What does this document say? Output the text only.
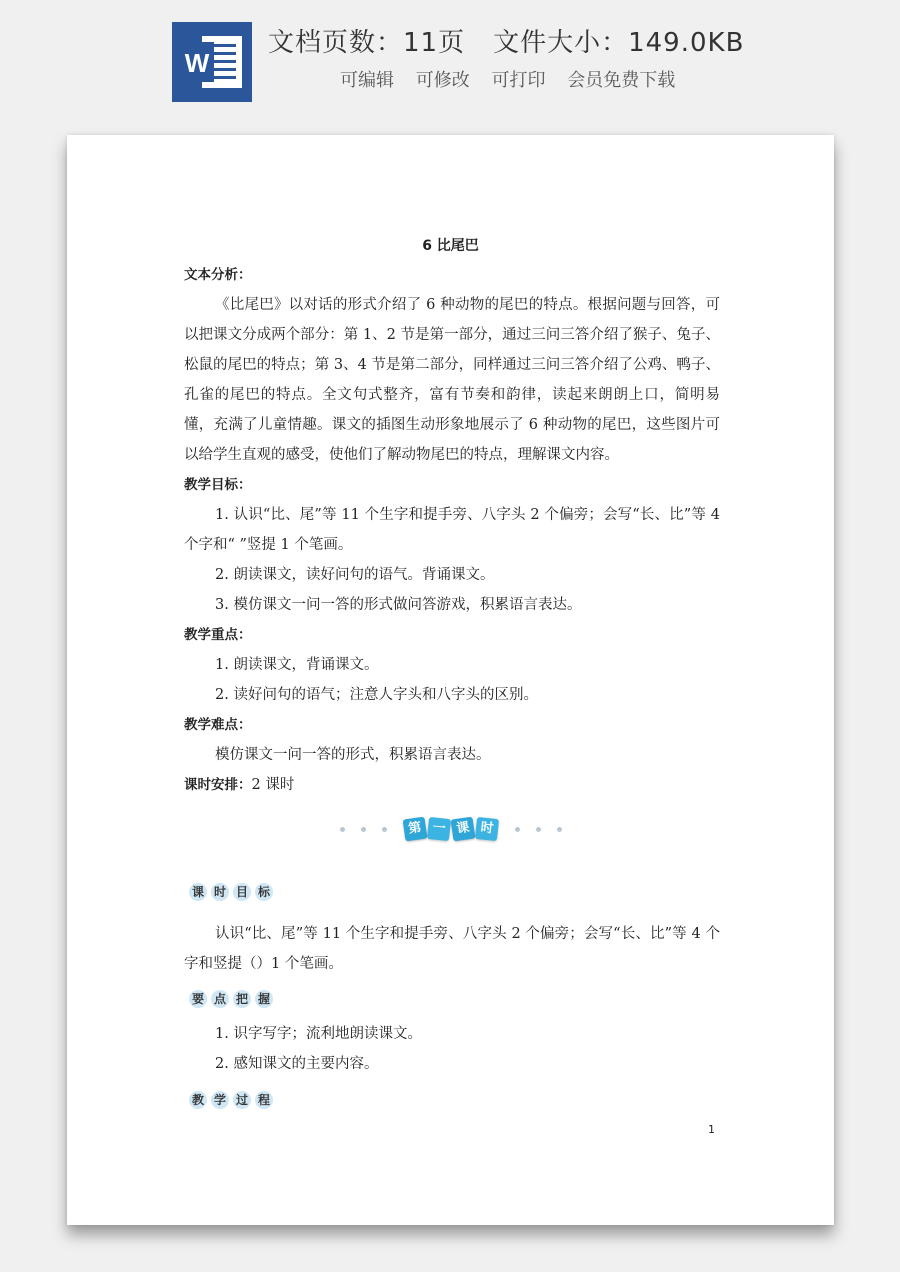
W
文档页数：11页 文件大小：149.0KB
可编辑 可修改 可打印 会员免费下载
6 比尾巴

文本分析：

《比尾巴》以对话的形式介绍了 6 种动物的尾巴的特点。根据问题与回答，可以把课文分成两个部分：第 1、2 节是第一部分，通过三问三答介绍了猴子、兔子、松鼠的尾巴的特点；第 3、4 节是第二部分，同样通过三问三答介绍了公鸡、鸭子、孔雀的尾巴的特点。全文句式整齐，富有节奏和韵律，读起来朗朗上口，简明易懂，充满了儿童情趣。课文的插图生动形象地展示了 6 种动物的尾巴，这些图片可以给学生直观的感受，使他们了解动物尾巴的特点，理解课文内容。

教学目标：

1. 认识“比、尾”等 11 个生字和提手旁、八字头 2 个偏旁；会写“长、比”等 4 个字和“ ”竖提 1 个笔画。

2. 朗读课文，读好问句的语气。背诵课文。

3. 模仿课文一问一答的形式做问答游戏，积累语言表达。

教学重点：

1. 朗读课文，背诵课文。

2. 读好问句的语气；注意人字头和八字头的区别。

教学难点：

模仿课文一问一答的形式，积累语言表达。

课时安排：2 课时

第 一 课 时
课 时 目 标

认识“比、尾”等 11 个生字和提手旁、八字头 2 个偏旁；会写“长、比”等 4 个字和竖提（）1 个笔画。

要 点 把 握

1. 识字写字；流利地朗读课文。

2. 感知课文的主要内容。

教 学 过 程
1
